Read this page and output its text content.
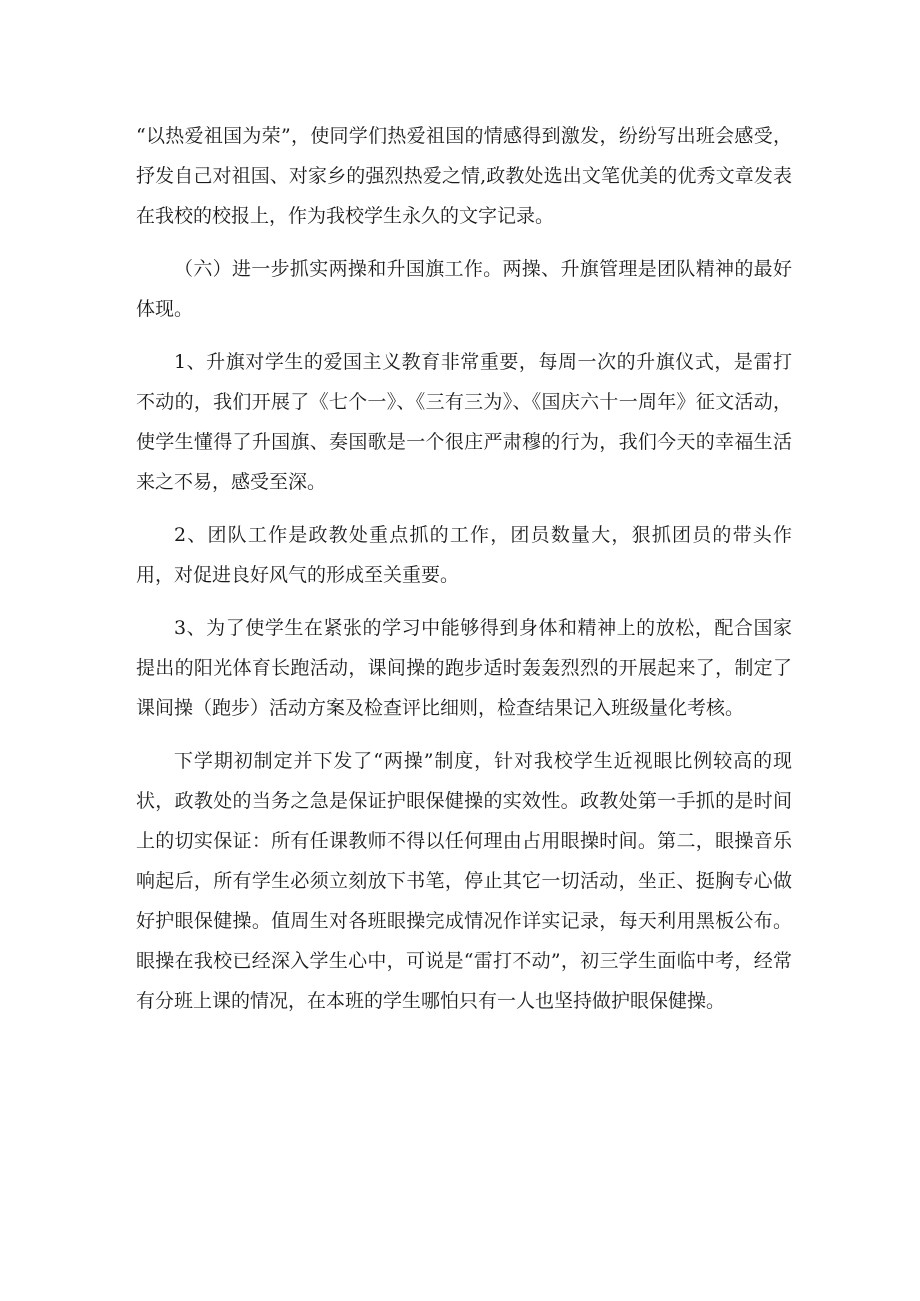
“以热爱祖国为荣”，使同学们热爱祖国的情感得到激发，纷纷写出班会感受，抒发自己对祖国、对家乡的强烈热爱之情,政教处选出文笔优美的优秀文章发表在我校的校报上，作为我校学生永久的文字记录。

（六）进一步抓实两操和升国旗工作。两操、升旗管理是团队精神的最好体现。

1、升旗对学生的爱国主义教育非常重要，每周一次的升旗仪式，是雷打不动的，我们开展了《七个一》、《三有三为》、《国庆六十一周年》征文活动，使学生懂得了升国旗、奏国歌是一个很庄严肃穆的行为，我们今天的幸福生活来之不易，感受至深。

2、团队工作是政教处重点抓的工作，团员数量大，狠抓团员的带头作用，对促进良好风气的形成至关重要。

3、为了使学生在紧张的学习中能够得到身体和精神上的放松，配合国家提出的阳光体育长跑活动，课间操的跑步适时轰轰烈烈的开展起来了，制定了课间操（跑步）活动方案及检查评比细则，检查结果记入班级量化考核。

下学期初制定并下发了“两操”制度，针对我校学生近视眼比例较高的现状，政教处的当务之急是保证护眼保健操的实效性。政教处第一手抓的是时间上的切实保证：所有任课教师不得以任何理由占用眼操时间。第二，眼操音乐响起后，所有学生必须立刻放下书笔，停止其它一切活动，坐正、挺胸专心做好护眼保健操。值周生对各班眼操完成情况作详实记录，每天利用黑板公布。眼操在我校已经深入学生心中，可说是“雷打不动”，初三学生面临中考，经常有分班上课的情况，在本班的学生哪怕只有一人也坚持做护眼保健操。
